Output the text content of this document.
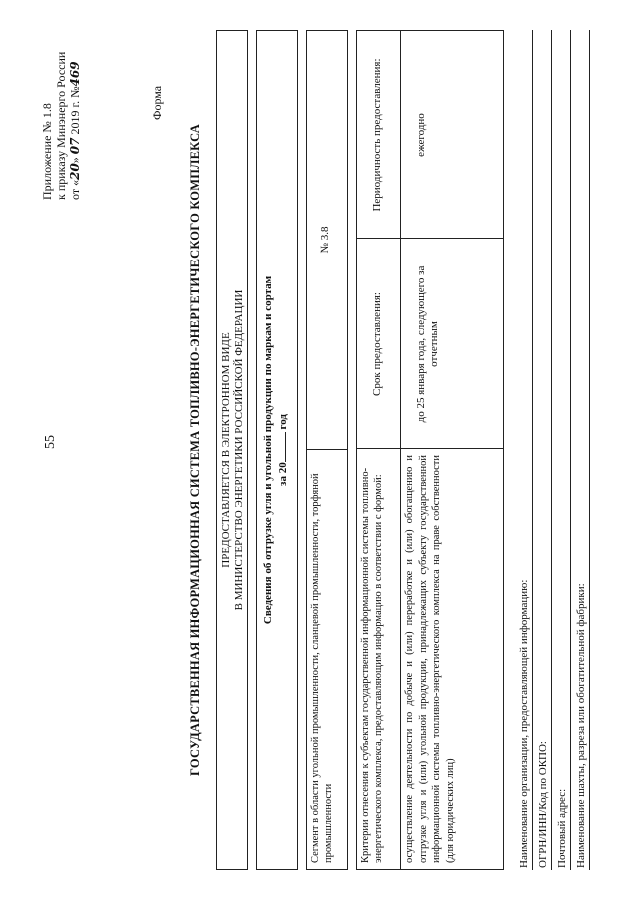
55
Приложение № 1.8 к приказу Минэнерго России от «20» 07 2019 г. №469
Форма
ГОСУДАРСТВЕННАЯ ИНФОРМАЦИОННАЯ СИСТЕМА ТОПЛИВНО-ЭНЕРГЕТИЧЕСКОГО КОМПЛЕКСА ПРЕДОСТАВЛЯЕТСЯ В ЭЛЕКТРОННОМ ВИДЕ В МИНИСТЕРСТВО ЭНЕРГЕТИКИ РОССИЙСКОЙ ФЕДЕРАЦИИ Сведения об отгрузке угля и угольной продукции по маркам и сортам за 20 год
Сегмент в области угольной промышленности, сланцевой промышленности, торфяной промышленности
№ 3.8
Критерии отнесения к субъектам государственной информационной системы топливно-энергетического комплекса, предоставляющим информацию в соответствии с формой:	осуществление деятельности по добыче и (или) переработке и (или) обогащению и отгрузке угля и (или) угольной продукции, принадлежащих субъекту государственной информационной системы топливно-энергетического комплекса на праве собственности (для юридических лиц)
Срок предоставления:	до 25 января года, следующего за отчетным
Периодичность предоставления:	ежегодно
Наименование организации, предоставляющей информацию: ОГРН/ИНН/Код по ОКПО: Почтовый адрес: Наименование шахты, разреза или обогатительной фабрики:
